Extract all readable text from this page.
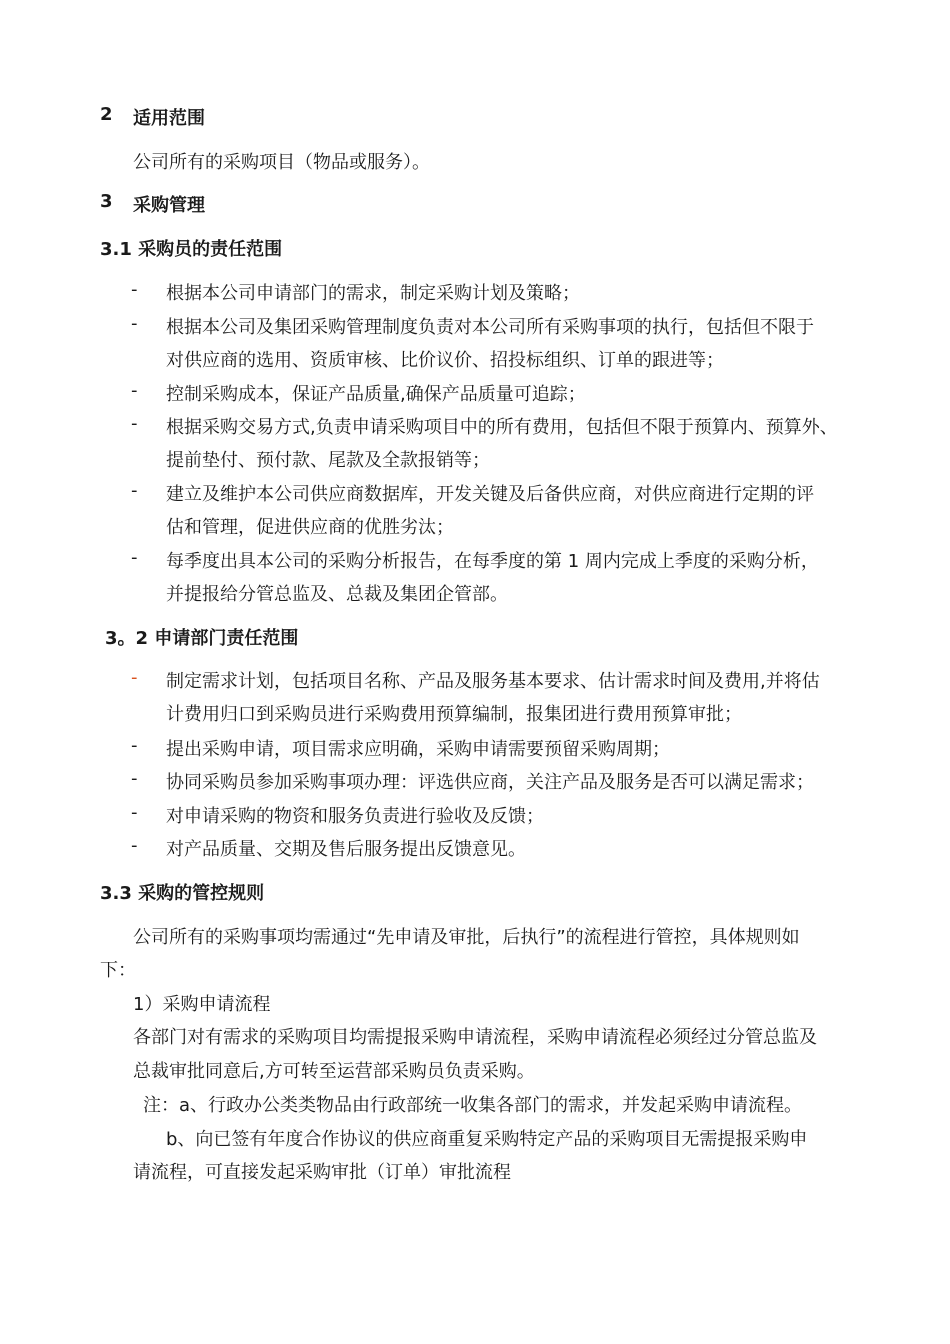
2 适用范围
公司所有的采购项目（物品或服务）。
3 采购管理
3.1 采购员的责任范围
- 根据本公司申请部门的需求，制定采购计划及策略；
- 根据本公司及集团采购管理制度负责对本公司所有采购事项的执行，包括但不限于
对供应商的选用、资质审核、比价议价、招投标组织、订单的跟进等；
- 控制采购成本，保证产品质量,确保产品质量可追踪；
- 根据采购交易方式,负责申请采购项目中的所有费用，包括但不限于预算内、预算外、
提前垫付、预付款、尾款及全款报销等；
- 建立及维护本公司供应商数据库，开发关键及后备供应商，对供应商进行定期的评
估和管理，促进供应商的优胜劣汰；
- 每季度出具本公司的采购分析报告，在每季度的第 1 周内完成上季度的采购分析，
并提报给分管总监及、总裁及集团企管部。
3。2 申请部门责任范围
- 制定需求计划，包括项目名称、产品及服务基本要求、估计需求时间及费用,并将估
计费用归口到采购员进行采购费用预算编制，报集团进行费用预算审批；
- 提出采购申请，项目需求应明确，采购申请需要预留采购周期；
- 协同采购员参加采购事项办理：评选供应商，关注产品及服务是否可以满足需求；
- 对申请采购的物资和服务负责进行验收及反馈；
- 对产品质量、交期及售后服务提出反馈意见。
3.3 采购的管控规则
公司所有的采购事项均需通过“先申请及审批，后执行”的流程进行管控，具体规则如
下：
1）采购申请流程
各部门对有需求的采购项目均需提报采购申请流程，采购申请流程必须经过分管总监及
总裁审批同意后,方可转至运营部采购员负责采购。
注：a、行政办公类类物品由行政部统一收集各部门的需求，并发起采购申请流程。
b、向已签有年度合作协议的供应商重复采购特定产品的采购项目无需提报采购申
请流程，可直接发起采购审批（订单）审批流程
